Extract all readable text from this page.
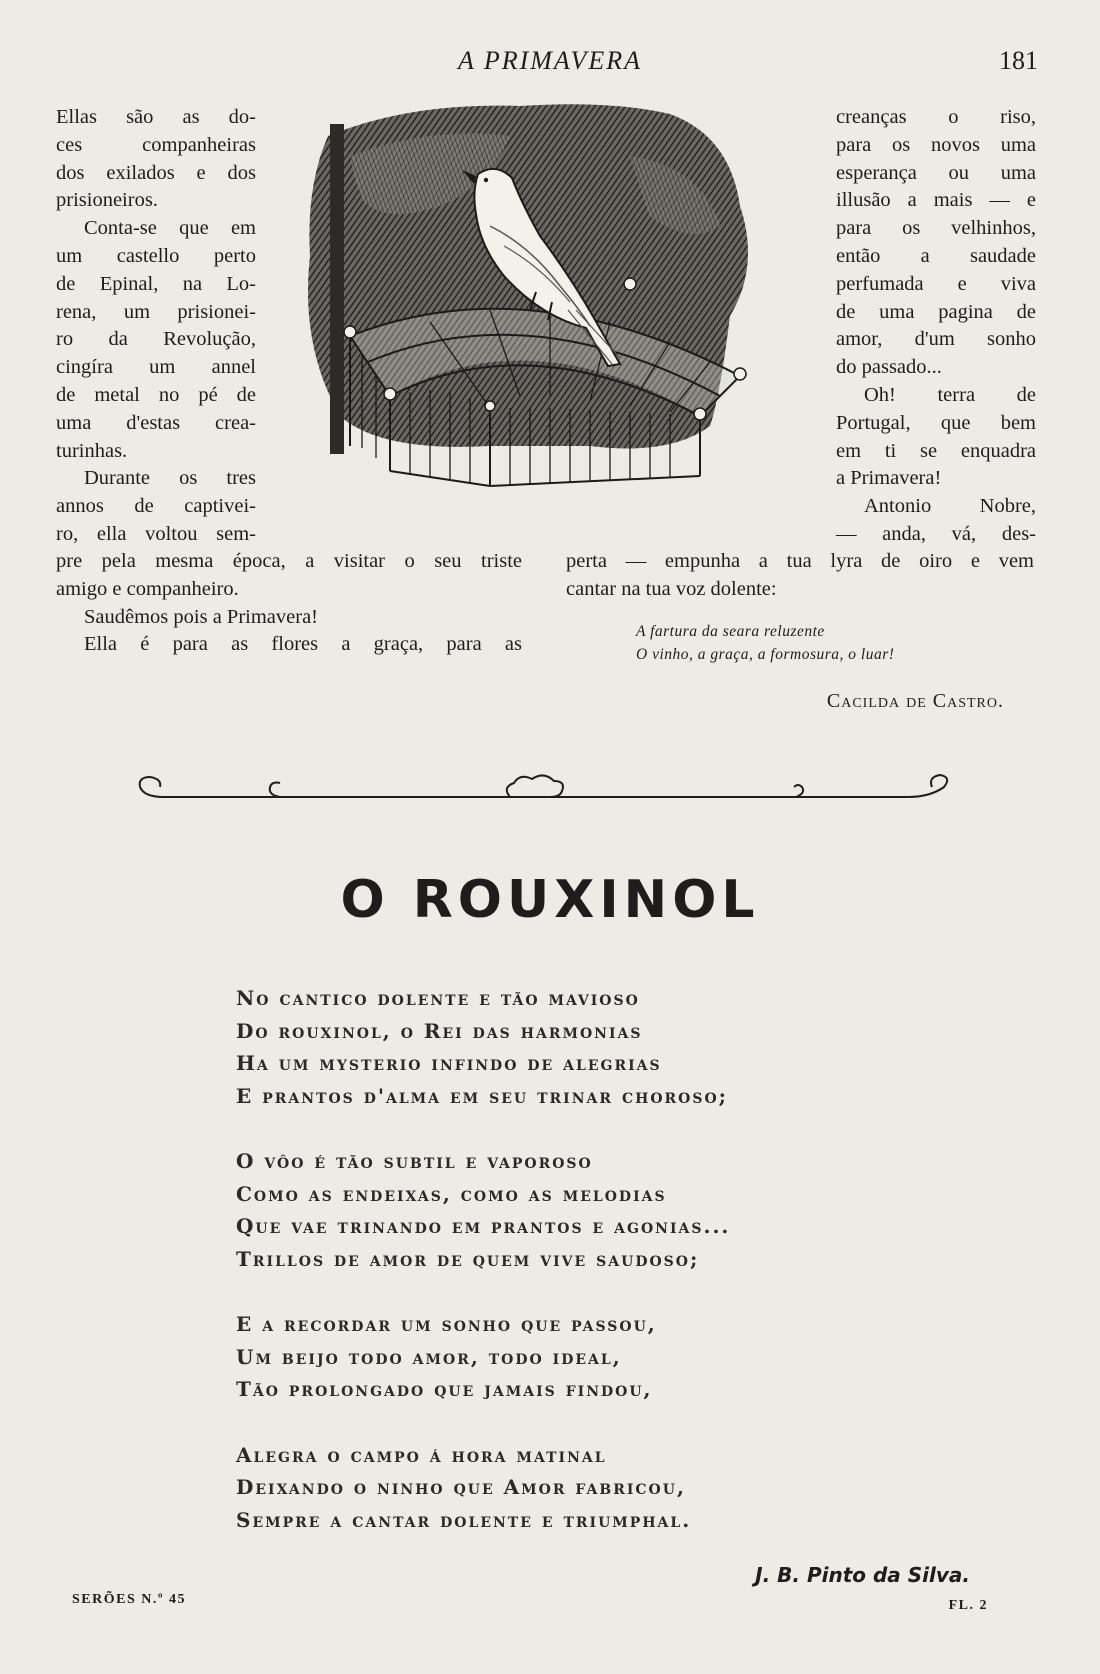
A PRIMAVERA	181

Ellas são as do-

ces companheiras

dos exilados e dos

prisioneiros.

Conta-se que em

um castello perto

de Epinal, na Lo-

rena, um prisionei-

ro da Revolução,

cingíra um annel

de metal no pé de

uma d'estas crea-

turinhas.

Durante os tres

annos de captivei-

ro, ella voltou sem-

creanças o riso,

para os novos uma

esperança ou uma

illusão a mais — e

para os velhinhos,

então a saudade

perfumada e viva

de uma pagina de

amor, d'um sonho

do passado...

Oh! terra de

Portugal, que bem

em ti se enquadra

a Primavera!

Antonio Nobre,

— anda, vá, des-

pre pela mesma época, a visitar o seu triste

amigo e companheiro.

Saudêmos pois a Primavera!

Ella é para as flores a graça, para as

perta — empunha a tua lyra de oiro e vem

cantar na tua voz dolente:

A fartura da seara reluzente

O vinho, a graça, a formosura, o luar!

Cacilda de Castro.
O ROUXINOL
No cantico dolente e tão mavioso
Do rouxinol, o Rei das harmonias
Ha um mysterio infindo de alegrias
E prantos d'alma em seu trinar choroso;
O vôo é tão subtil e vaporoso
Como as endeixas, como as melodias
Que vae trinando em prantos e agonias...
Trillos de amor de quem vive saudoso;
E a recordar um sonho que passou,
Um beijo todo amor, todo ideal,
Tão prolongado que jamais findou,
Alegra o campo á hora matinal
Deixando o ninho que Amor fabricou,
Sempre a cantar dolente e triumphal.
J. B. Pinto da Silva.
SERÕES N.º 45	FL. 2
